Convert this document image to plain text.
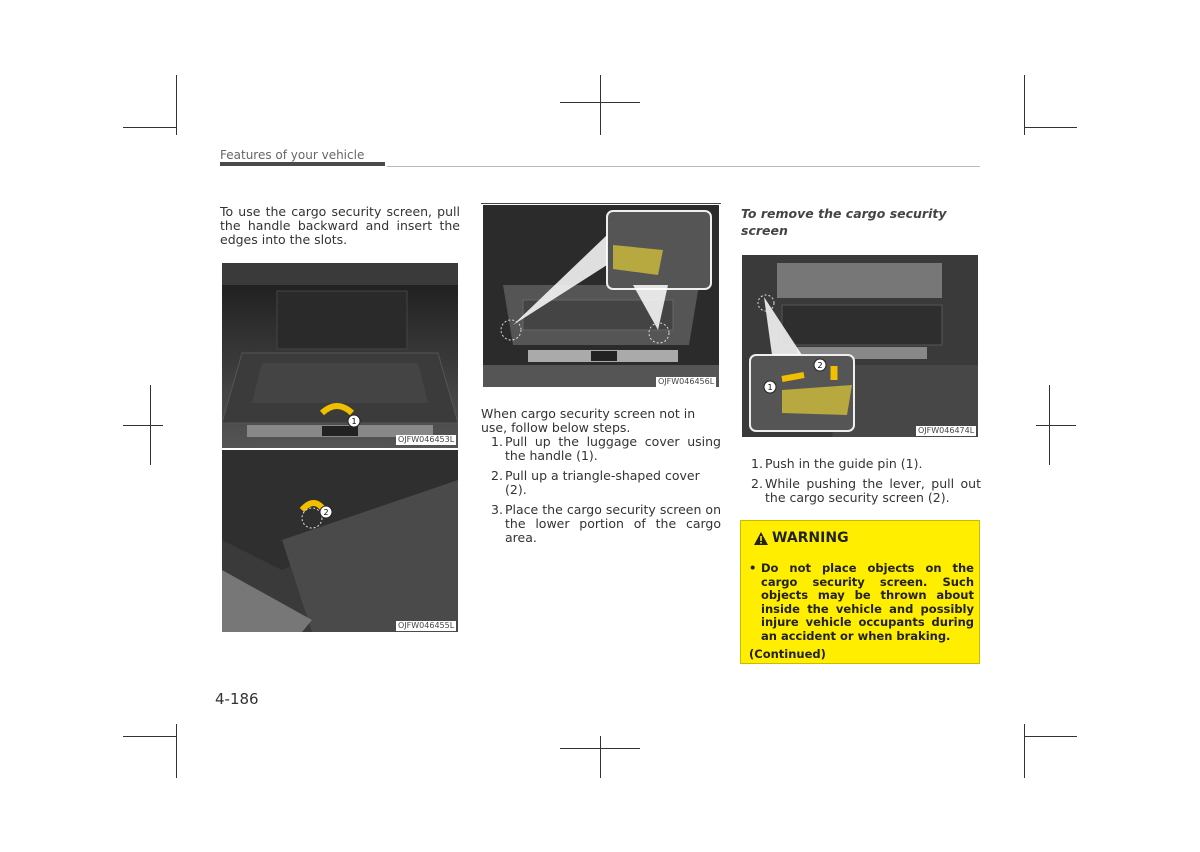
Features of your vehicle
To use the cargo security screen, pull the handle backward and insert the edges into the slots.
1
OJFW046453L
2
OJFW046455L
OJFW046456L
When cargo security screen not in use, follow below steps.
1. Pull up the luggage cover using the handle (1).
2. Pull up a triangle-shaped cover (2).
3. Place the cargo security screen on the lower portion of the cargo area.
To remove the cargo security
screen
1
2
OJFW046474L
1. Push in the guide pin (1).
2. While pushing the lever, pull out the cargo security screen (2).
WARNING
• Do not place objects on the cargo security screen. Such objects may be thrown about inside the vehicle and possibly injure vehicle occupants during an accident or when braking.
(Continued)
4-186
